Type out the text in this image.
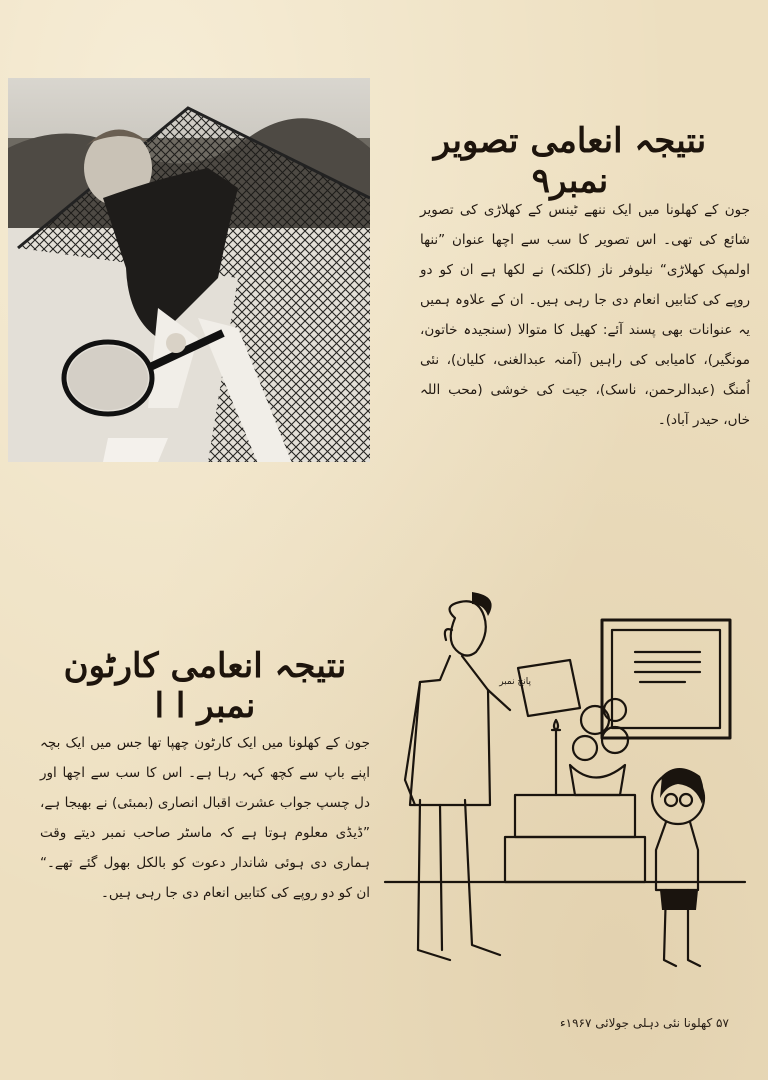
نتیجہ انعامی تصویر نمبر۹
جون کے کھلونا میں ایک ننھے ٹینس کے کھلاڑی کی تصویر شائع کی تھی۔ اس تصویر کا سب سے اچھا عنوان ”ننھا اولمپک کھلاڑی“ نیلوفر ناز (کلکتہ) نے لکھا ہے ان کو دو روپے کی کتابیں انعام دی جا رہی ہیں۔ ان کے علاوہ ہمیں یہ عنوانات بھی پسند آئے: کھیل کا متوالا (سنجیدہ خاتون، مونگیر)، کامیابی کی راہیں (آمنہ عبدالغنی، کلیان)، نئی اُمنگ (عبدالرحمن، ناسک)، جیت کی خوشی (محب اللہ خاں، حیدر آباد)۔
نتیجہ انعامی کارٹون نمبر ا ا
جون کے کھلونا میں ایک کارٹون چھپا تھا جس میں ایک بچہ اپنے باپ سے کچھ کہہ رہا ہے۔ اس کا سب سے اچھا اور دل چسپ جواب عشرت اقبال انصاری (بمبئی) نے بھیجا ہے، ”ڈیڈی معلوم ہوتا ہے کہ ماسٹر صاحب نمبر دیتے وقت ہماری دی ہوئی شاندار دعوت کو بالکل بھول گئے تھے۔“ ان کو دو روپے کی کتابیں انعام دی جا رہی ہیں۔
پانچ نمبر
۵۷ کھلونا نئی دہلی جولائی ۱۹۶۷ء
